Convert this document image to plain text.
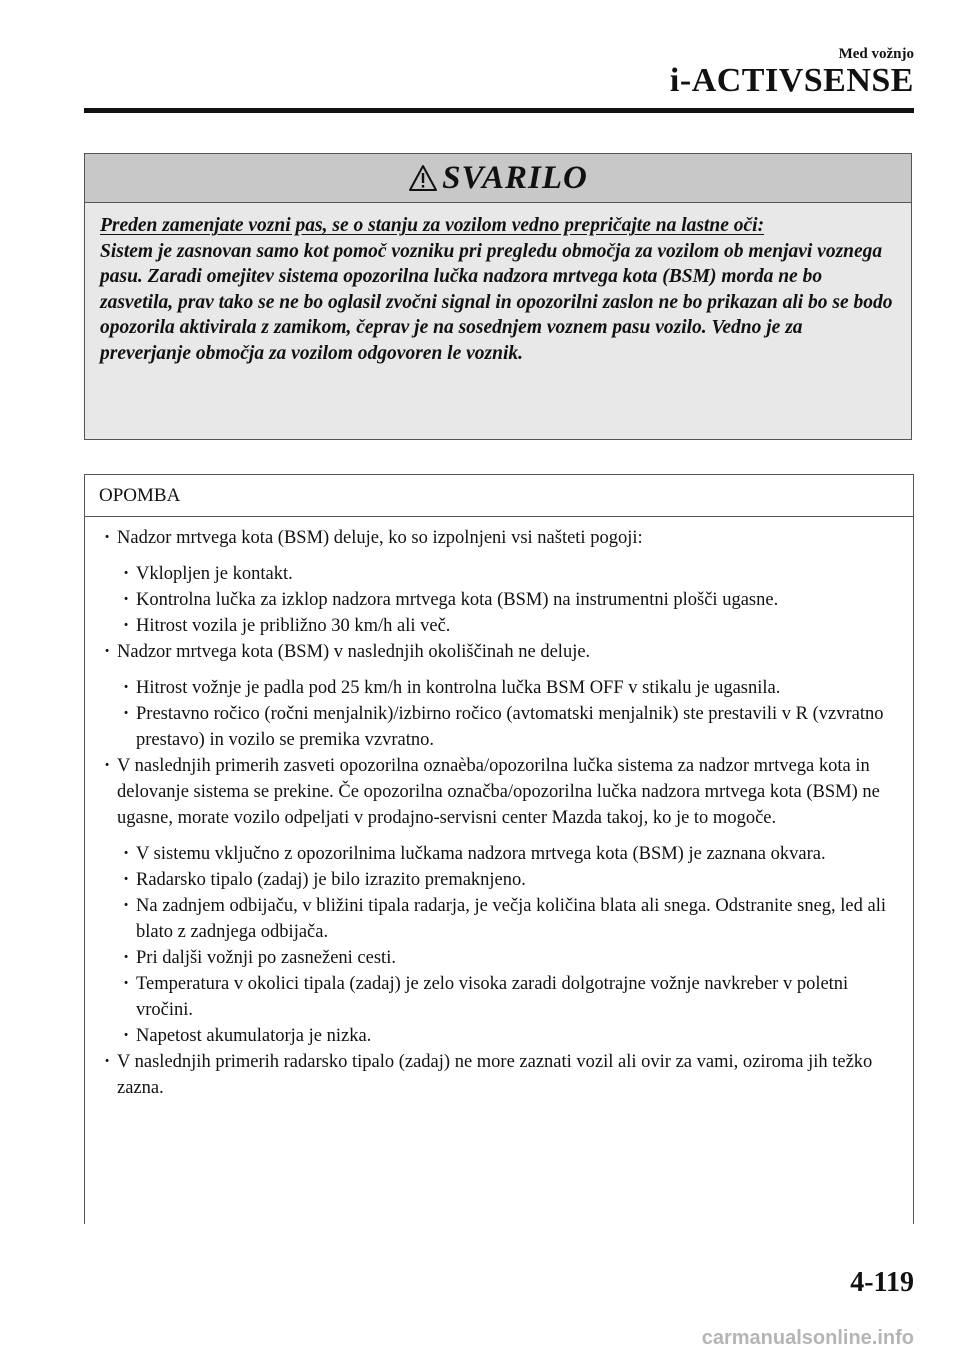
Med vožnjo
i-ACTIVSENSE
SVARILO
Preden zamenjate vozni pas, se o stanju za vozilom vedno prepričajte na lastne oči:
Sistem je zasnovan samo kot pomoč vozniku pri pregledu območja za vozilom ob menjavi voznega pasu. Zaradi omejitev sistema opozorilna lučka nadzora mrtvega kota (BSM) morda ne bo zasvetila, prav tako se ne bo oglasil zvočni signal in opozorilni zaslon ne bo prikazan ali bo se bodo opozorila aktivirala z zamikom, čeprav je na sosednjem voznem pasu vozilo. Vedno je za preverjanje območja za vozilom odgovoren le voznik.
OPOMBA
· Nadzor mrtvega kota (BSM) deluje, ko so izpolnjeni vsi našteti pogoji:
· Vklopljen je kontakt.
· Kontrolna lučka za izklop nadzora mrtvega kota (BSM) na instrumentni plošči ugasne.
· Hitrost vozila je približno 30 km/h ali več.
· Nadzor mrtvega kota (BSM) v naslednjih okoliščinah ne deluje.
· Hitrost vožnje je padla pod 25 km/h in kontrolna lučka BSM OFF v stikalu je ugasnila.
· Prestavno ročico (ročni menjalnik)/izbirno ročico (avtomatski menjalnik) ste prestavili v R (vzvratno prestavo) in vozilo se premika vzvratno.
· V naslednjih primerih zasveti opozorilna oznaèba/opozorilna lučka sistema za nadzor mrtvega kota in delovanje sistema se prekine. Če opozorilna označba/opozorilna lučka nadzora mrtvega kota (BSM) ne ugasne, morate vozilo odpeljati v prodajno-servisni center Mazda takoj, ko je to mogoče.
· V sistemu vključno z opozorilnima lučkama nadzora mrtvega kota (BSM) je zaznana okvara.
· Radarsko tipalo (zadaj) je bilo izrazito premaknjeno.
· Na zadnjem odbijaču, v bližini tipala radarja, je večja količina blata ali snega. Odstranite sneg, led ali blato z zadnjega odbijača.
· Pri daljši vožnji po zasneženi cesti.
· Temperatura v okolici tipala (zadaj) je zelo visoka zaradi dolgotrajne vožnje navkreber v poletni vročini.
· Napetost akumulatorja je nizka.
· V naslednjih primerih radarsko tipalo (zadaj) ne more zaznati vozil ali ovir za vami, oziroma jih težko zazna.
4-119
carmanualsonline.info
